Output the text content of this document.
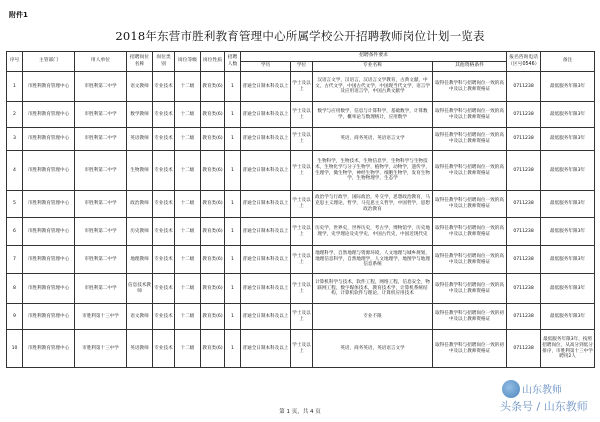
附件1
2018年东营市胜利教育管理中心所属学校公开招聘教师岗位计划一览表
序号	主管部门	用人单位	招聘岗位名称	岗位类别	岗位等级	岗位性质	招聘人数	招聘条件要求				报名咨询电话（区号0546）	备注
								学历	学位	专业名称	其他资格条件		
1	市胜利教育管理中心	市胜利第二中学	语文教师	专业技术	十二级	教育类(6)	1	普通全日制本科及以上	学士及以上	汉语言文学，汉语言，汉语言文学教育，古典文献，中文，古代文学，中国古代文学，中国现当代文学，语言学及应用语言学，中国古典文献学	取得任教学科与招聘岗位一致的高中及以上教师资格证	0711238	最低服务年限3年
2	市胜利教育管理中心	市胜利第二中学	数学教师	专业技术	十二级	教育类(6)	1	普通全日制本科及以上	学士及以上	数学与应用数学，信息与计算科学，基础数学，计算数学，概率论与数理统计，应用数学	取得任教学科与招聘岗位一致的高中及以上教师资格证	0711238	最低服务年限3年
3	市胜利教育管理中心	市胜利第二中学	英语教师	专业技术	十二级	教育类(6)	1	普通全日制本科及以上	学士及以上	英语，商务英语，英语语言文学	取得任教学科与招聘岗位一致的高中及以上教师资格证	0711238	最低服务年限3年
4	市胜利教育管理中心	市胜利第二中学	生物教师	专业技术	十二级	教育类(6)	1	普通全日制本科及以上	学士及以上	生物科学，生物技术，生物信息学，生物科学与生物技术，生物化学与分子生物学，植物学，动物学，遗传学，生理学，微生物学，神经生物学，细胞生物学，发育生物学，生物物理学，生态学	取得任教学科与招聘岗位一致的高中及以上教师资格证	0711238	最低服务年限3年
5	市胜利教育管理中心	市胜利第二中学	政治教师	专业技术	十二级	教育类(6)	1	普通全日制本科及以上	学士及以上	政治学与行政学，国际政治，外交学，思想政治教育，马克思主义理论，哲学，马克思主义哲学，中国哲学，思想政治教育	取得任教学科与招聘岗位一致的高中及以上教师资格证	0711238	最低服务年限3年
6	市胜利教育管理中心	市胜利第二中学	历史教师	专业技术	十二级	教育类(6)	1	普通全日制本科及以上	学士及以上	历史学，世界史，世界历史，考古学，博物馆学，历史地理学，史学理论及史学史，中国古代史，中国近现代史	取得任教学科与招聘岗位一致的高中及以上教师资格证	0711238	最低服务年限3年
7	市胜利教育管理中心	市胜利第二中学	地理教师	专业技术	十二级	教育类(6)	1	普通全日制本科及以上	学士及以上	地理科学，自然地理与资源环境，人文地理与城乡规划，地理信息科学，自然地理学，人文地理学，地图学与地理信息系统	取得任教学科与招聘岗位一致的高中及以上教师资格证	0711238	最低服务年限3年
8	市胜利教育管理中心	市胜利第二中学	信息技术教师	专业技术	十二级	教育类(6)	1	普通全日制本科及以上	学士及以上	计算机科学与技术，软件工程，网络工程，信息安全，物联网工程，数字媒体技术，教育技术学，计算机系统结构，计算机软件与理论，计算机应用技术	取得任教学科与招聘岗位一致的高中及以上教师资格证	0711238	最低服务年限3年
9	市胜利教育管理中心	市胜利第十三中学	语文教师	专业技术	十二级	教育类(6)	1	普通全日制本科及以上	学士及以上	专业不限	取得任教学科与招聘岗位一致的初中及以上教师资格证	0711238	最低服务年限3年
10	市胜利教育管理中心	市胜利第十三中学	英语教师	专业技术	十二级	教育类(6)	1	普通全日制本科及以上	学士及以上	英语，商务英语，英语语言文学	取得任教学科与招聘岗位一致的初中及以上教师资格证	0711238	最低服务年限3年，按照招聘岗位，从高分到低分排序，市胜利第十三中学聘用2人
第 1 页，共 4 页
山东教师
头条号 / 山东教师
